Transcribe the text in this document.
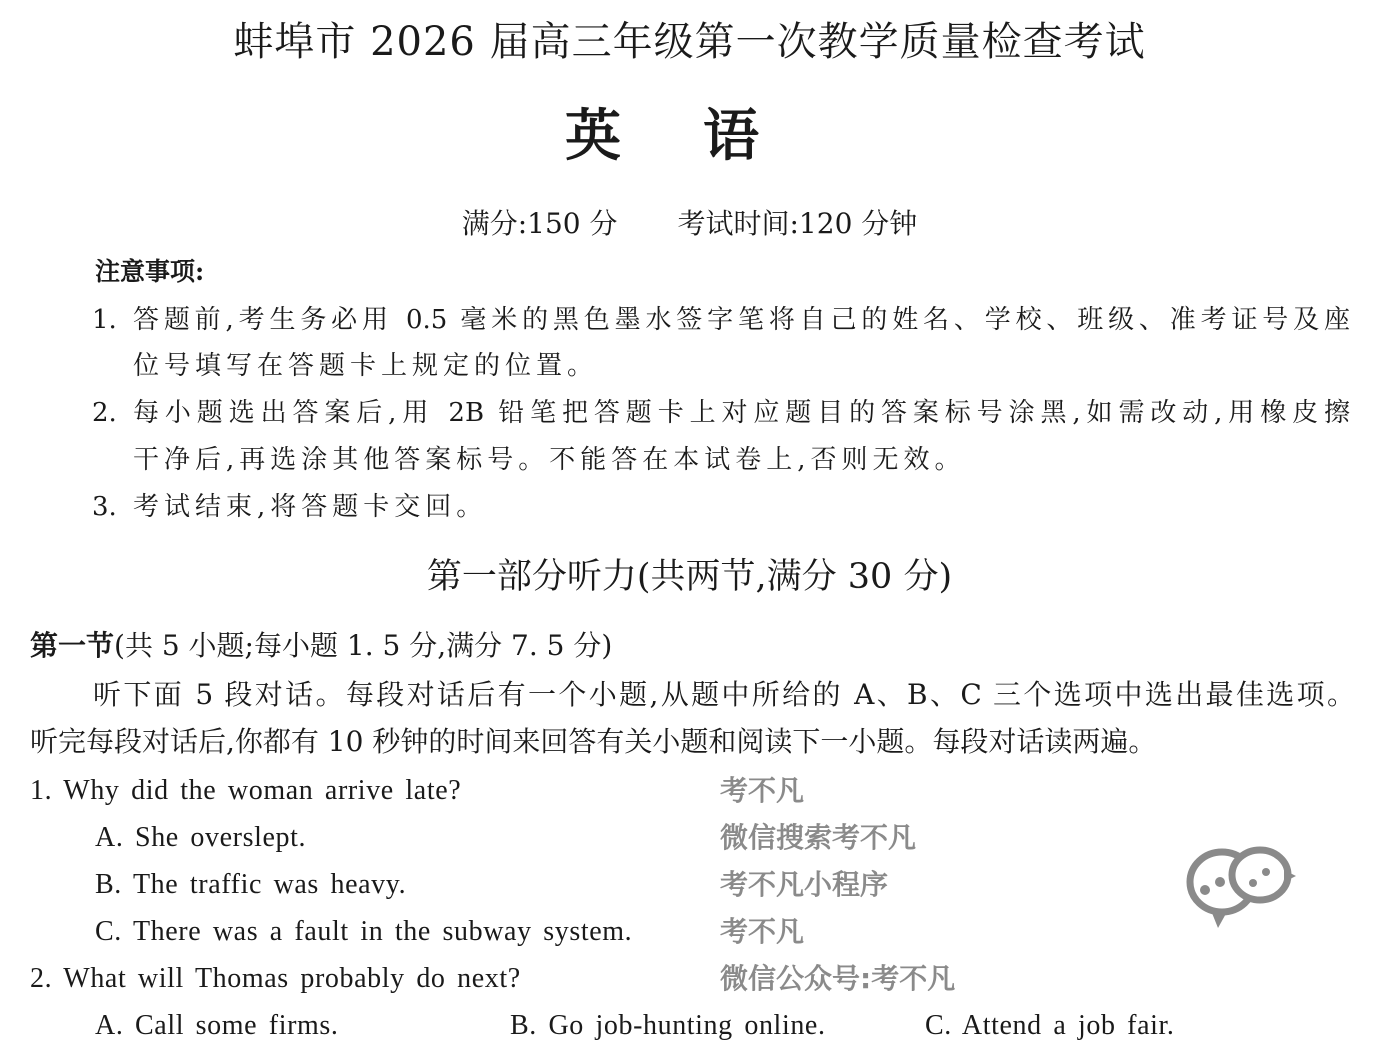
蚌埠市 2026 届高三年级第一次教学质量检查考试
英语
满分:150 分 考试时间:120 分钟
注意事项:
1. 答题前,考生务必用 0.5 毫米的黑色墨水签字笔将自己的姓名、学校、班级、准考证号及座
位号填写在答题卡上规定的位置。
2. 每小题选出答案后,用 2B 铅笔把答题卡上对应题目的答案标号涂黑,如需改动,用橡皮擦
干净后,再选涂其他答案标号。不能答在本试卷上,否则无效。
3. 考试结束,将答题卡交回。
第一部分听力(共两节,满分 30 分)
第一节(共 5 小题;每小题 1. 5 分,满分 7. 5 分)
听下面 5 段对话。每段对话后有一个小题,从题中所给的 A、B、C 三个选项中选出最佳选项。
听完每段对话后,你都有 10 秒钟的时间来回答有关小题和阅读下一小题。每段对话读两遍。
1. Why did the woman arrive late?
A. She overslept.
B. The traffic was heavy.
C. There was a fault in the subway system.
2. What will Thomas probably do next?
A. Call some firms.	B. Go job-hunting online.	C. Attend a job fair.
考不凡
微信搜索考不凡
考不凡小程序
考不凡
微信公众号:考不凡
